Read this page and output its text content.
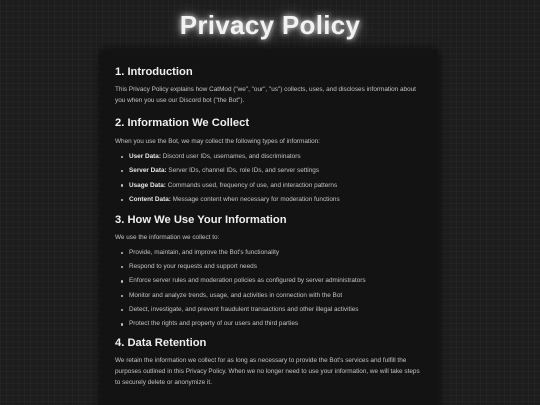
Privacy Policy
1. Introduction

This Privacy Policy explains how CatMod ("we", "our", "us") collects, uses, and discloses information about you when you use our Discord bot ("the Bot").

2. Information We Collect

When you use the Bot, we may collect the following types of information:

User Data: Discord user IDs, usernames, and discriminators
Server Data: Server IDs, channel IDs, role IDs, and server settings
Usage Data: Commands used, frequency of use, and interaction patterns
Content Data: Message content when necessary for moderation functions
3. How We Use Your Information

We use the information we collect to:

Provide, maintain, and improve the Bot's functionality
Respond to your requests and support needs
Enforce server rules and moderation policies as configured by server administrators
Monitor and analyze trends, usage, and activities in connection with the Bot
Detect, investigate, and prevent fraudulent transactions and other illegal activities
Protect the rights and property of our users and third parties
4. Data Retention

We retain the information we collect for as long as necessary to provide the Bot's services and fulfill the purposes outlined in this Privacy Policy. When we no longer need to use your information, we will take steps to securely delete or anonymize it.
